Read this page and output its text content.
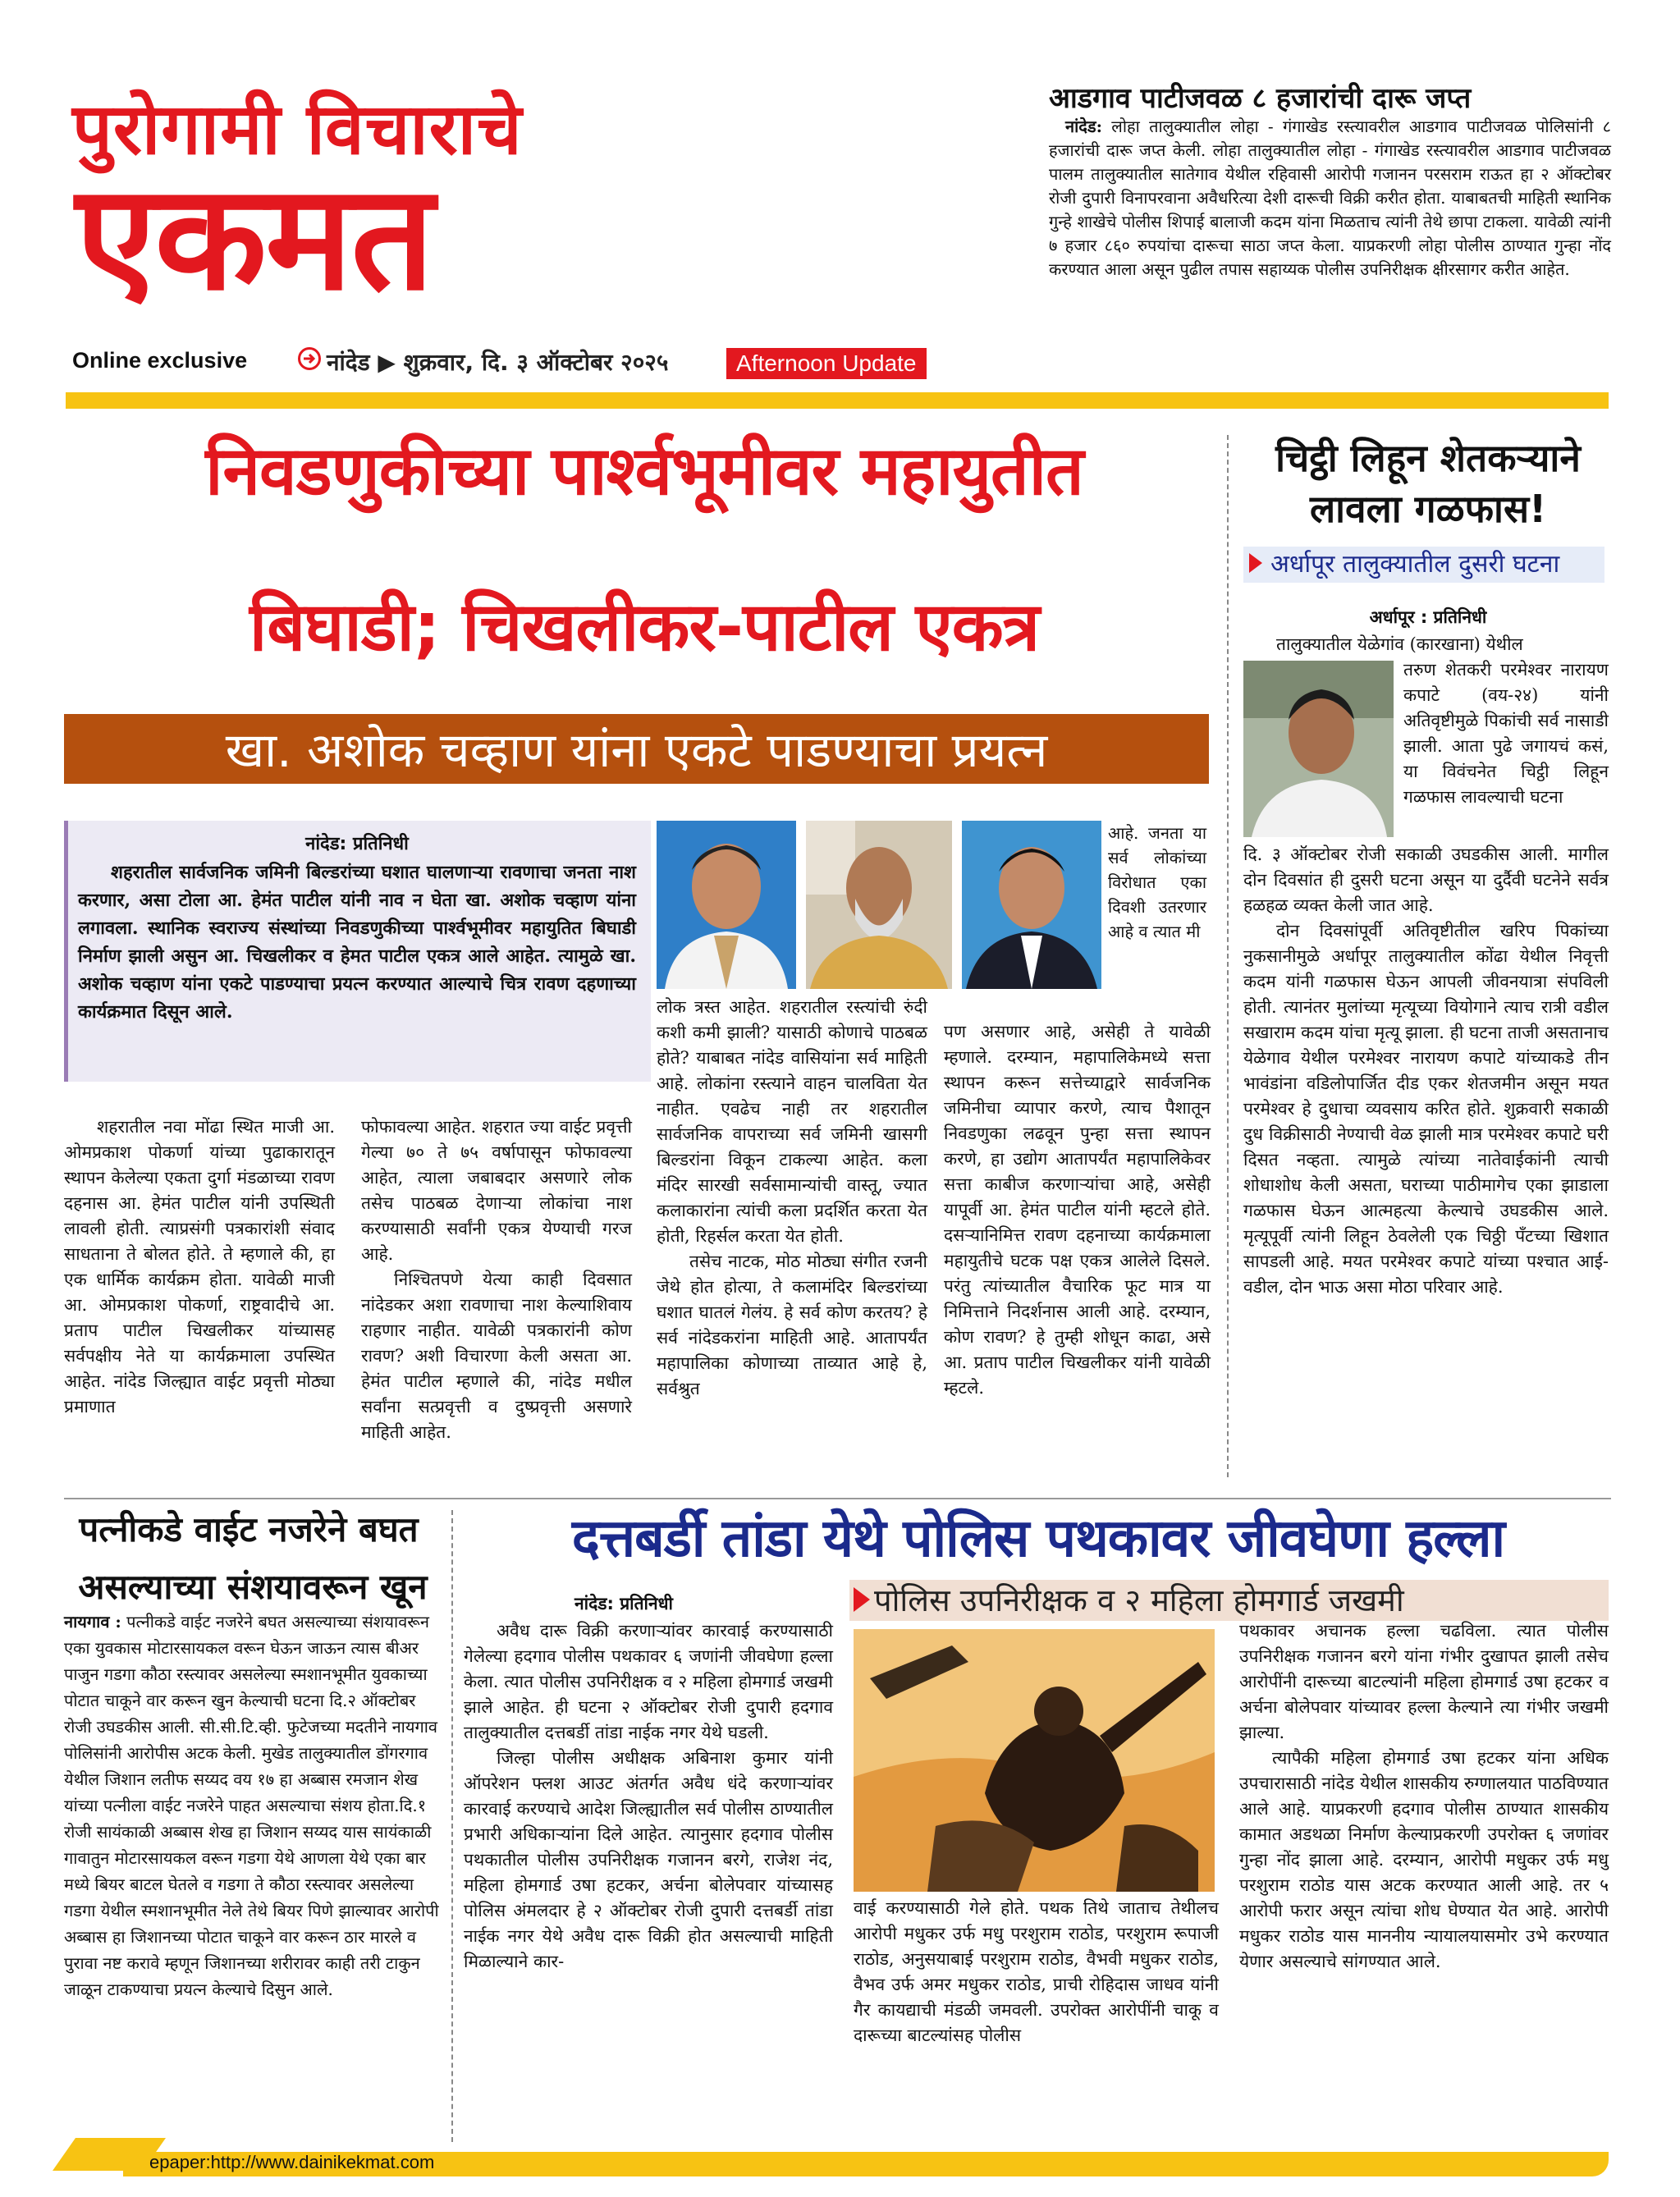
पुरोगामी विचाराचे
एकमत
Online exclusive	नांदेड ▶ शुक्रवार, दि. ३ ऑक्टोबर २०२५	Afternoon Update
आडगाव पाटीजवळ ८ हजारांची दारू जप्त

नांदेड: लोहा तालुक्यातील लोहा - गंगाखेड रस्त्यावरील आडगाव पाटीजवळ पोलिसांनी ८ हजारांची दारू जप्त केली. लोहा तालुक्यातील लोहा - गंगाखेड रस्त्यावरील आडगाव पाटीजवळ पालम तालुक्यातील सातेगाव येथील रहिवासी आरोपी गजानन परसराम राऊत हा २ ऑक्टोबर रोजी दुपारी विनापरवाना अवैधरित्या देशी दारूची विक्री करीत होता. याबाबतची माहिती स्थानिक गुन्हे शाखेचे पोलीस शिपाई बालाजी कदम यांना मिळताच त्यांनी तेथे छापा टाकला. यावेळी त्यांनी ७ हजार ८६० रुपयांचा दारूचा साठा जप्त केला. याप्रकरणी लोहा पोलीस ठाण्यात गुन्हा नोंद करण्यात आला असून पुढील तपास सहाय्यक पोलीस उपनिरीक्षक क्षीरसागर करीत आहेत.

निवडणुकीच्या पार्श्वभूमीवर महायुतीत
बिघाडी; चिखलीकर-पाटील एकत्र
खा. अशोक चव्हाण यांना एकटे पाडण्याचा प्रयत्न
नांदेड: प्रतिनिधी

शहरातील सार्वजनिक जमिनी बिल्डरांच्या घशात घालणाऱ्या रावणाचा जनता नाश करणार, असा टोला आ. हेमंत पाटील यांनी नाव न घेता खा. अशोक चव्हाण यांना लगावला. स्थानिक स्वराज्य संस्थांच्या निवडणुकीच्या पार्श्वभूमीवर महायुतित बिघाडी निर्माण झाली असुन आ. चिखलीकर व हेमत पाटील एकत्र आले आहेत. त्यामुळे खा. अशोक चव्हाण यांना एकटे पाडण्याचा प्रयत्न करण्यात आल्याचे चित्र रावण दहणाच्या कार्यक्रमात दिसून आले.

शहरातील नवा मोंढा स्थित माजी आ. ओमप्रकाश पोकर्णा यांच्या पुढाकारातून स्थापन केलेल्या एकता दुर्गा मंडळाच्या रावण दहनास आ. हेमंत पाटील यांनी उपस्थिती लावली होती. त्याप्रसंगी पत्रकारांशी संवाद साधताना ते बोलत होते. ते म्हणाले की, हा एक धार्मिक कार्यक्रम होता. यावेळी माजी आ. ओमप्रकाश पोकर्णा, राष्ट्रवादीचे आ. प्रताप पाटील चिखलीकर यांच्यासह सर्वपक्षीय नेते या कार्यक्रमाला उपस्थित आहेत. नांदेड जिल्ह्यात वाईट प्रवृत्ती मोठ्या प्रमाणात

फोफावल्या आहेत. शहरात ज्या वाईट प्रवृत्ती गेल्या ७० ते ७५ वर्षापासून फोफावल्या आहेत, त्याला जबाबदार असणारे लोक तसेच पाठबळ देणाऱ्या लोकांचा नाश करण्यासाठी सर्वांनी एकत्र येण्याची गरज आहे.

निश्चितपणे येत्या काही दिवसात नांदेडकर अशा रावणाचा नाश केल्याशिवाय राहणार नाहीत. यावेळी पत्रकारांनी कोण रावण? अशी विचारणा केली असता आ. हेमंत पाटील म्हणाले की, नांदेड मधील सर्वांना सत्प्रवृत्ती व दुष्प्रवृत्ती असणारे माहिती आहेत.

लोक त्रस्त आहेत. शहरातील रस्त्यांची रुंदी कशी कमी झाली? यासाठी कोणाचे पाठबळ होते? याबाबत नांदेड वासियांना सर्व माहिती आहे. लोकांना रस्त्याने वाहन चालविता येत नाहीत. एवढेच नाही तर शहरातील सार्वजनिक वापराच्या सर्व जमिनी खासगी बिल्डरांना विकून टाकल्या आहेत. कला मंदिर सारखी सर्वसामान्यांची वास्तू, ज्यात कलाकारांना त्यांची कला प्रदर्शित करता येत होती, रिहर्सल करता येत होती.

तसेच नाटक, मोठ मोठ्या संगीत रजनी जेथे होत होत्या, ते कलामंदिर बिल्डरांच्या घशात घातलं गेलंय. हे सर्व कोण करतय? हे सर्व नांदेडकरांना माहिती आहे. आतापर्यंत महापालिका कोणाच्या ताव्यात आहे हे, सर्वश्रुत

आहे. जनता या सर्व लोकांच्या विरोधात एका दिवशी उतरणार आहे व त्यात मी

पण असणार आहे, असेही ते यावेळी म्हणाले. दरम्यान, महापालिकेमध्ये सत्ता स्थापन करून सत्तेच्याद्वारे सार्वजनिक जमिनीचा व्यापार करणे, त्याच पैशातून निवडणुका लढवून पुन्हा सत्ता स्थापन करणे, हा उद्योग आतापर्यंत महापालिकेवर सत्ता काबीज करणाऱ्यांचा आहे, असेही यापूर्वी आ. हेमंत पाटील यांनी म्हटले होते. दसऱ्यानिमित्त रावण दहनाच्या कार्यक्रमाला महायुतीचे घटक पक्ष एकत्र आलेले दिसले. परंतु त्यांच्यातील वैचारिक फूट मात्र या निमित्ताने निदर्शनास आली आहे. दरम्यान, कोण रावण? हे तुम्ही शोधून काढा, असे आ. प्रताप पाटील चिखलीकर यांनी यावेळी म्हटले.

चिट्ठी लिहून शेतकऱ्याने
लावला गळफास!
अर्धापूर तालुक्यातील दुसरी घटना
अर्धापूर : प्रतिनिधी

तालुक्यातील येळेगांव (कारखाना) येथील

तरुण शेतकरी परमेश्वर नारायण कपाटे (वय-२४) यांनी अतिवृष्टीमुळे पिकांची सर्व नासाडी झाली. आता पुढे जगायचं कसं, या विवंचनेत चिट्ठी लिहून गळफास लावल्याची घटना

दि. ३ ऑक्टोबर रोजी सकाळी उघडकीस आली. मागील दोन दिवसांत ही दुसरी घटना असून या दुर्दैवी घटनेने सर्वत्र हळहळ व्यक्त केली जात आहे.

दोन दिवसांपूर्वी अतिवृष्टीतील खरिप पिकांच्या नुकसानीमुळे अर्धापूर तालुक्यातील कोंढा येथील निवृत्ती कदम यांनी गळफास घेऊन आपली जीवनयात्रा संपविली होती. त्यानंतर मुलांच्या मृत्यूच्या वियोगाने त्याच रात्री वडील सखाराम कदम यांचा मृत्यू झाला. ही घटना ताजी असतानाच येळेगाव येथील परमेश्वर नारायण कपाटे यांच्याकडे तीन भावंडांना वडिलोपार्जित दीड एकर शेतजमीन असून मयत परमेश्वर हे दुधाचा व्यवसाय करित होते. शुक्रवारी सकाळी दुध विक्रीसाठी नेण्याची वेळ झाली मात्र परमेश्वर कपाटे घरी दिसत नव्हता. त्यामुळे त्यांच्या नातेवाईकांनी त्याची शोधाशोध केली असता, घराच्या पाठीमागेच एका झाडाला गळफास घेऊन आत्महत्या केल्याचे उघडकीस आले. मृत्यूपूर्वी त्यांनी लिहून ठेवलेली एक चिठ्ठी पँटच्या खिशात सापडली आहे. मयत परमेश्वर कपाटे यांच्या पश्चात आई-वडील, दोन भाऊ असा मोठा परिवार आहे.

पत्नीकडे वाईट नजरेने बघत
असल्याच्या संशयावरून खून

नायगाव : पत्नीकडे वाईट नजरेने बघत असल्याच्या संशयावरून एका युवकास मोटारसायकल वरून घेऊन जाऊन त्यास बीअर पाजुन गडगा कौठा रस्त्यावर असलेल्या स्मशानभूमीत युवकाच्या पोटात चाकूने वार करून खुन केल्याची घटना दि.२ ऑक्टोबर रोजी उघडकीस आली. सी.सी.टि.व्ही. फुटेजच्या मदतीने नायगाव पोलिसांनी आरोपीस अटक केली. मुखेड तालुक्यातील डोंगरगाव येथील जिशान लतीफ सय्यद वय १७ हा अब्बास रमजान शेख यांच्या पत्नीला वाईट नजरेने पाहत असल्याचा संशय होता.दि.१ रोजी सायंकाळी अब्बास शेख हा जिशान सय्यद यास सायंकाळी गावातुन मोटारसायकल वरून गडगा येथे आणला येथे एका बार मध्ये बियर बाटल घेतले व गडगा ते कौठा रस्त्यावर असलेल्या गडगा येथील स्मशानभूमीत नेले तेथे बियर पिणे झाल्यावर आरोपी अब्बास हा जिशानच्या पोटात चाकूने वार करून ठार मारले व पुरावा नष्ट करावे म्हणून जिशानच्या शरीरावर काही तरी टाकुन जाळून टाकण्याचा प्रयत्न केल्याचे दिसुन आले.

दत्तबर्डी तांडा येथे पोलिस पथकावर जीवघेणा हल्ला
पोलिस उपनिरीक्षक व २ महिला होमगार्ड जखमी
नांदेड: प्रतिनिधी

अवैध दारू विक्री करणाऱ्यांवर कारवाई करण्यासाठी गेलेल्या हदगाव पोलीस पथकावर ६ जणांनी जीवघेणा हल्ला केला. त्यात पोलीस उपनिरीक्षक व २ महिला होमगार्ड जखमी झाले आहेत. ही घटना २ ऑक्टोबर रोजी दुपारी हदगाव तालुक्यातील दत्तबर्डी तांडा नाईक नगर येथे घडली.

जिल्हा पोलीस अधीक्षक अबिनाश कुमार यांनी ऑपरेशन फ्लश आउट अंतर्गत अवैध धंदे करणाऱ्यांवर कारवाई करण्याचे आदेश जिल्ह्यातील सर्व पोलीस ठाण्यातील प्रभारी अधिकाऱ्यांना दिले आहेत. त्यानुसार हदगाव पोलीस पथकातील पोलीस उपनिरीक्षक गजानन बरगे, राजेश नंद, महिला होमगार्ड उषा हटकर, अर्चना बोलेपवार यांच्यासह पोलिस अंमलदार हे २ ऑक्टोबर रोजी दुपारी दत्तबर्डी तांडा नाईक नगर येथे अवैध दारू विक्री होत असल्याची माहिती मिळाल्याने कार-

वाई करण्यासाठी गेले होते. पथक तिथे जाताच तेथीलच आरोपी मधुकर उर्फ मधु परशुराम राठोड, परशुराम रूपाजी राठोड, अनुसयाबाई परशुराम राठोड, वैभवी मधुकर राठोड, वैभव उर्फ अमर मधुकर राठोड, प्राची रोहिदास जाधव यांनी गैर कायद्याची मंडळी जमवली. उपरोक्त आरोपींनी चाकू व दारूच्या बाटल्यांसह पोलीस

पथकावर अचानक हल्ला चढविला. त्यात पोलीस उपनिरीक्षक गजानन बरगे यांना गंभीर दुखापत झाली तसेच आरोपींनी दारूच्या बाटल्यांनी महिला होमगार्ड उषा हटकर व अर्चना बोलेपवार यांच्यावर हल्ला केल्याने त्या गंभीर जखमी झाल्या.

त्यापैकी महिला होमगार्ड उषा हटकर यांना अधिक उपचारासाठी नांदेड येथील शासकीय रुग्णालयात पाठविण्यात आले आहे. याप्रकरणी हदगाव पोलीस ठाण्यात शासकीय कामात अडथळा निर्माण केल्याप्रकरणी उपरोक्त ६ जणांवर गुन्हा नोंद झाला आहे. दरम्यान, आरोपी मधुकर उर्फ मधु परशुराम राठोड यास अटक करण्यात आली आहे. तर ५ आरोपी फरार असून त्यांचा शोध घेण्यात येत आहे. आरोपी मधुकर राठोड यास माननीय न्यायालयासमोर उभे करण्यात येणार असल्याचे सांगण्यात आले.

epaper:http://www.dainikekmat.com
